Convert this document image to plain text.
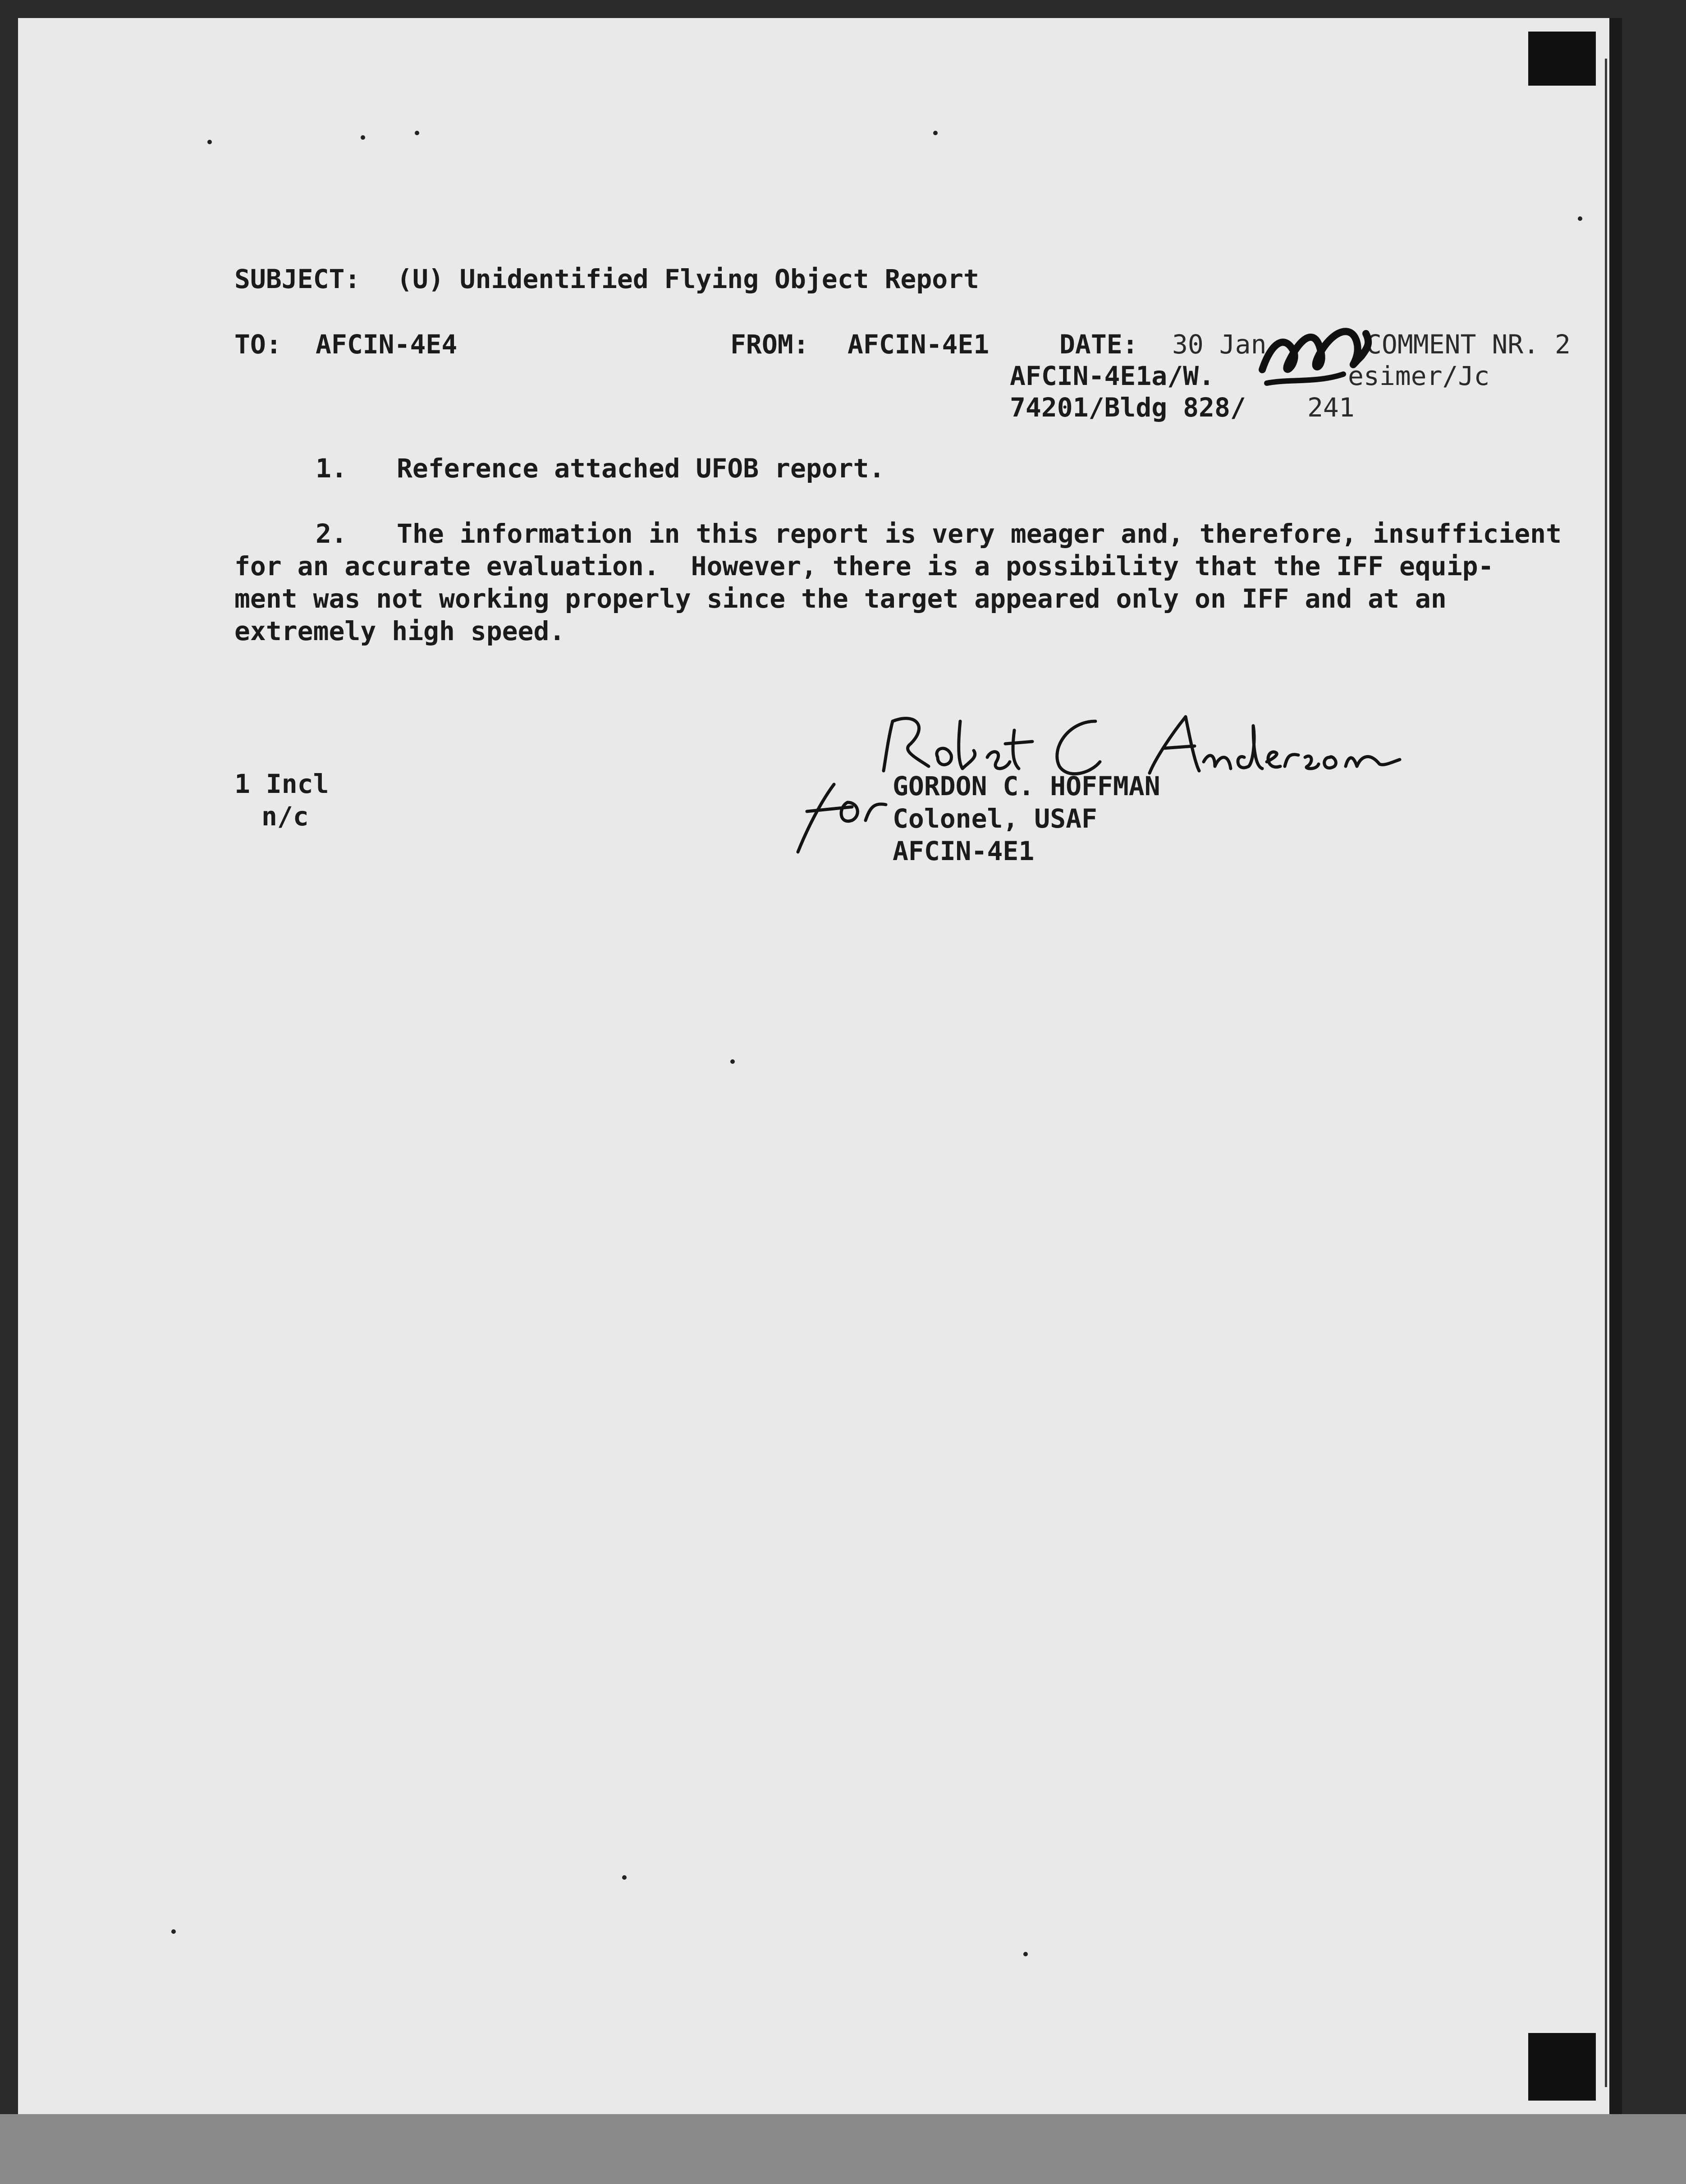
SUBJECT: (U) Unidentified Flying Object Report
TO: AFCIN-4E4	FROM: AFCIN-4E1	DATE: 30 Jan	COMMENT NR. 2
AFCIN-4E1a/W.	esimer/Jc
74201/Bldg 828/ 241
1. Reference attached UFOB report.
2. The information in this report is very meager and, therefore, insufficient
for an accurate evaluation.  However, there is a possibility that the IFF equip-
ment was not working properly since the target appeared only on IFF and at an
extremely high speed.
1 Incl
n/c
GORDON C. HOFFMAN
Colonel, USAF
AFCIN-4E1
